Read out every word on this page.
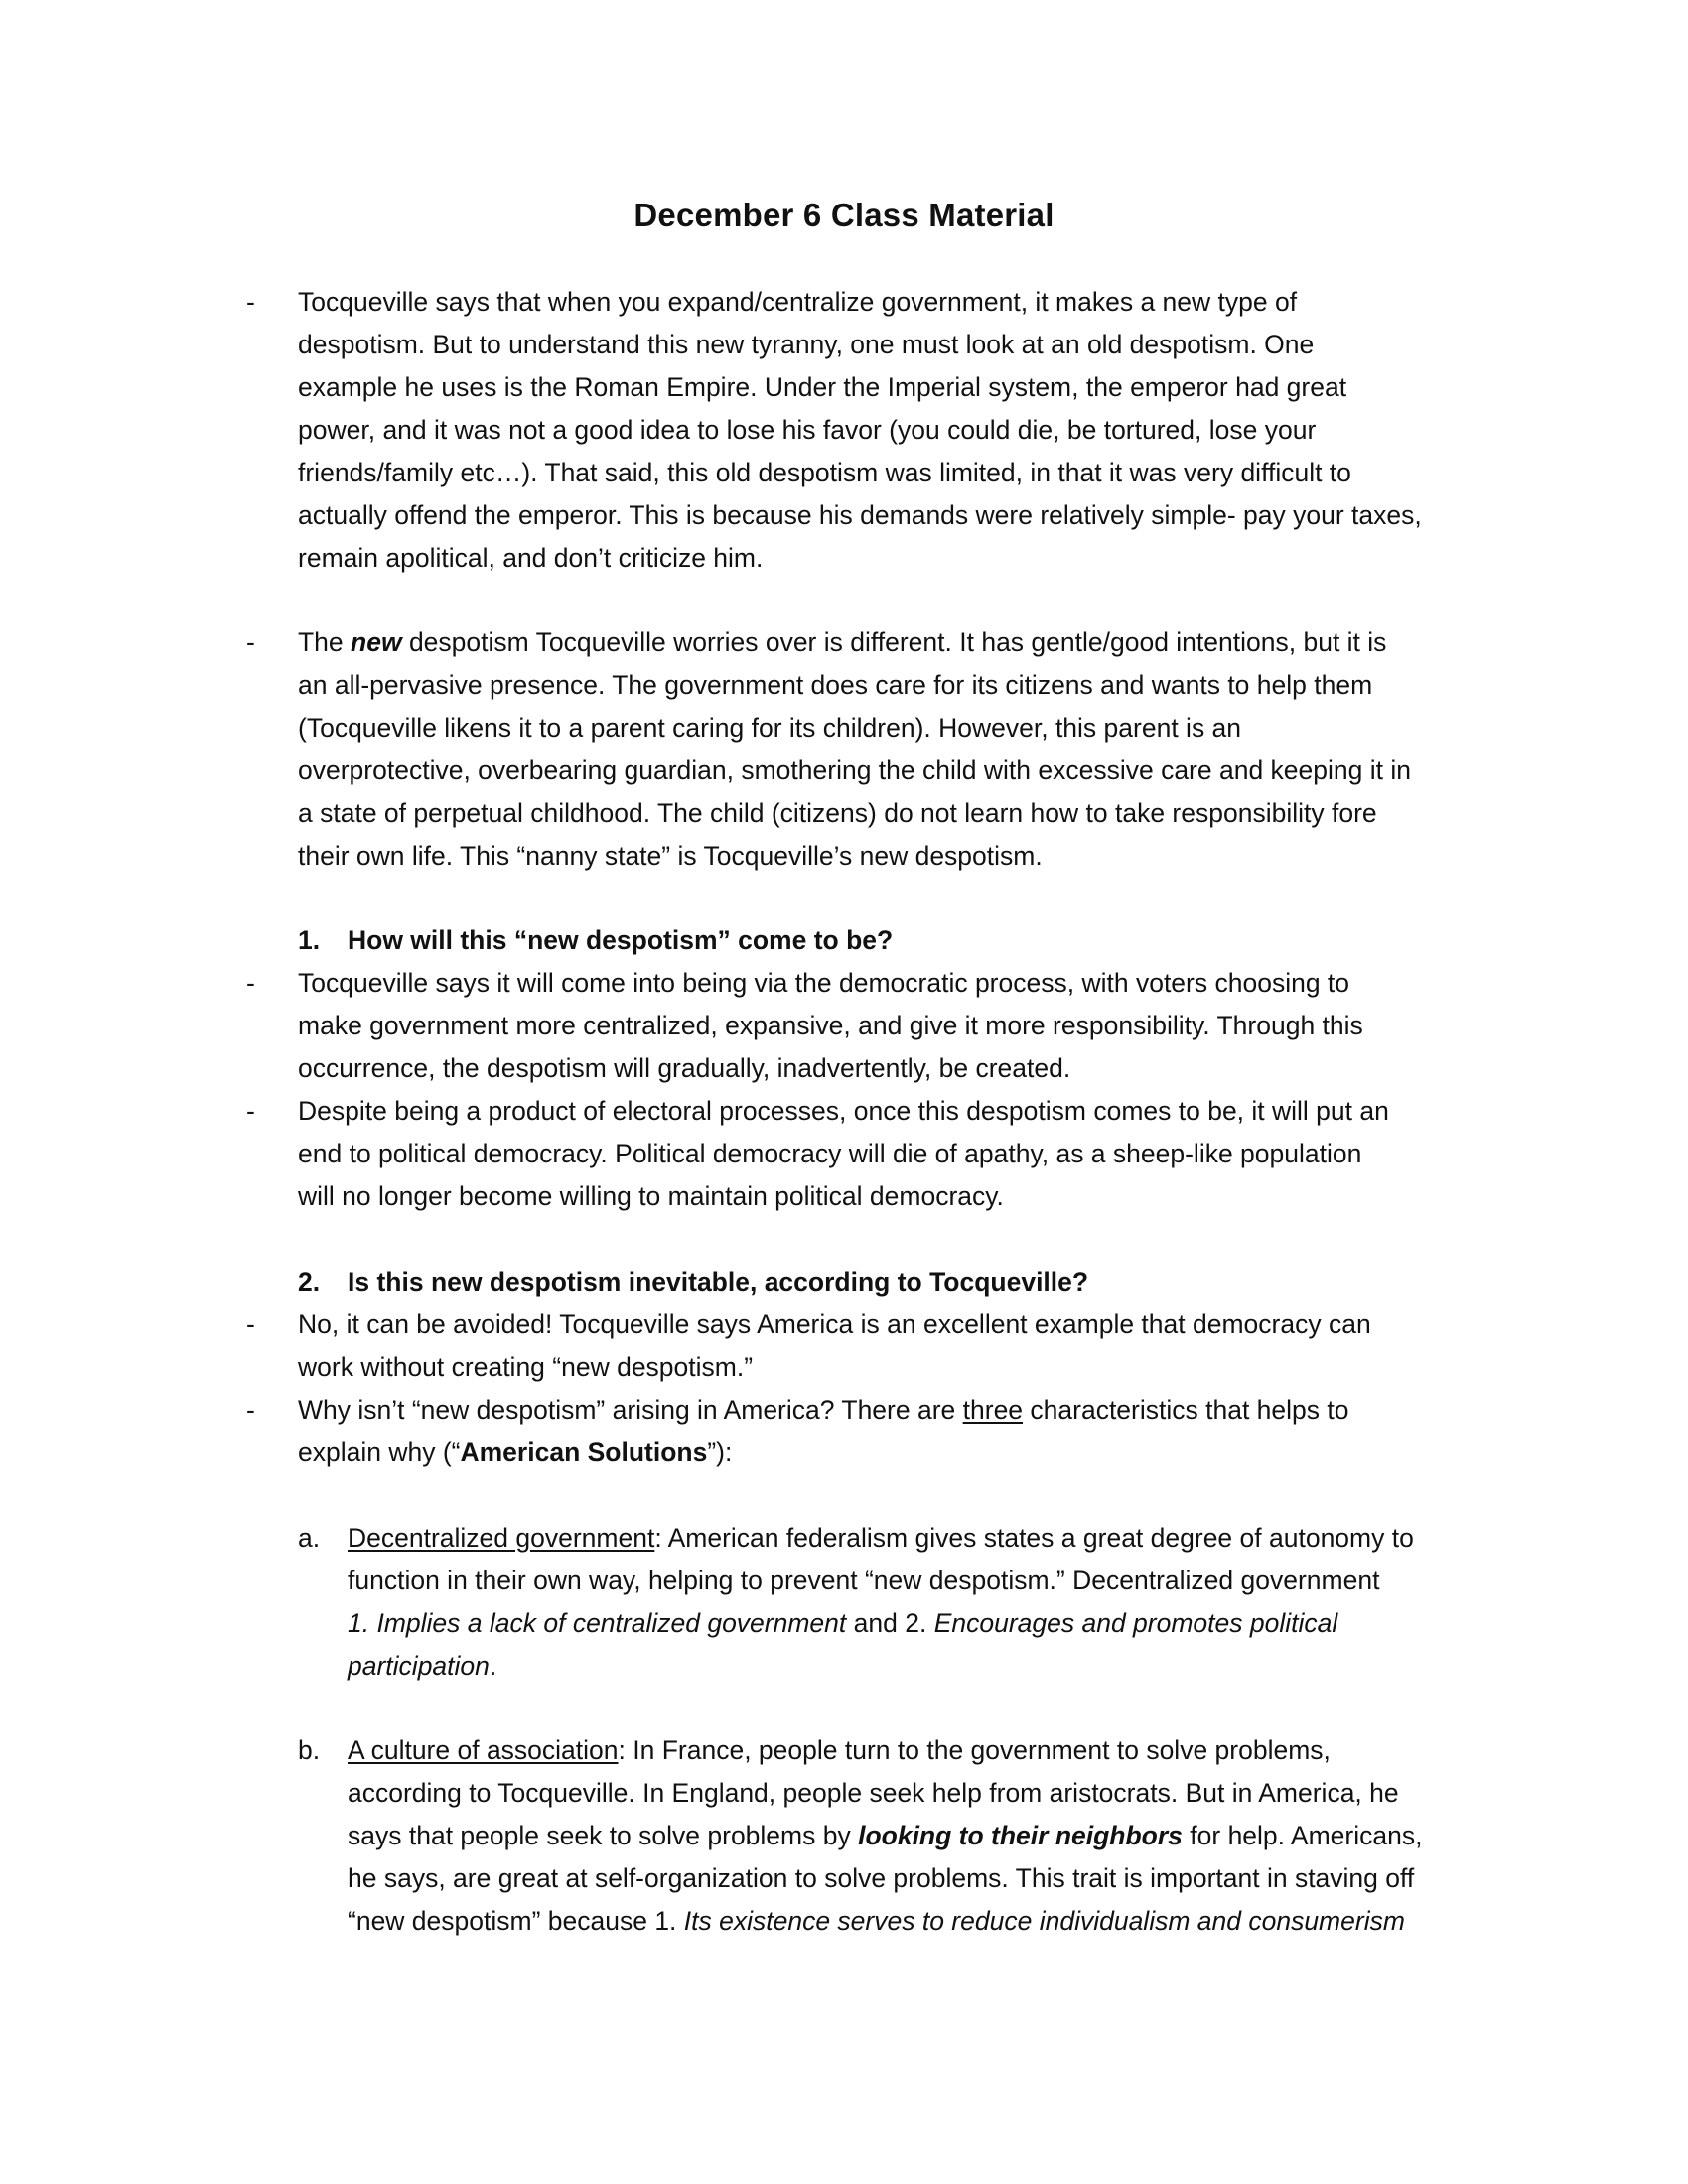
December 6 Class Material
-	Tocqueville says that when you expand/centralize government, it makes a new type of
despotism. But to understand this new tyranny, one must look at an old despotism. One
example he uses is the Roman Empire. Under the Imperial system, the emperor had great
power, and it was not a good idea to lose his favor (you could die, be tortured, lose your
friends/family etc…). That said, this old despotism was limited, in that it was very difficult to
actually offend the emperor. This is because his demands were relatively simple- pay your taxes,
remain apolitical, and don’t criticize him.
-	The new despotism Tocqueville worries over is different. It has gentle/good intentions, but it is
an all-pervasive presence. The government does care for its citizens and wants to help them
(Tocqueville likens it to a parent caring for its children). However, this parent is an
overprotective, overbearing guardian, smothering the child with excessive care and keeping it in
a state of perpetual childhood. The child (citizens) do not learn how to take responsibility fore
their own life. This “nanny state” is Tocqueville’s new despotism.
1. How will this “new despotism” come to be?
-	Tocqueville says it will come into being via the democratic process, with voters choosing to
make government more centralized, expansive, and give it more responsibility. Through this
occurrence, the despotism will gradually, inadvertently, be created.
-	Despite being a product of electoral processes, once this despotism comes to be, it will put an
end to political democracy. Political democracy will die of apathy, as a sheep-like population
will no longer become willing to maintain political democracy.
2. Is this new despotism inevitable, according to Tocqueville?
-	No, it can be avoided! Tocqueville says America is an excellent example that democracy can
work without creating “new despotism.”
-	Why isn’t “new despotism” arising in America? There are three characteristics that helps to
explain why (“American Solutions”):
a. Decentralized government: American federalism gives states a great degree of autonomy to
function in their own way, helping to prevent “new despotism.” Decentralized government
1. Implies a lack of centralized government and 2. Encourages and promotes political
participation.
b. A culture of association: In France, people turn to the government to solve problems,
according to Tocqueville. In England, people seek help from aristocrats. But in America, he
says that people seek to solve problems by looking to their neighbors for help. Americans,
he says, are great at self-organization to solve problems. This trait is important in staving off
“new despotism” because 1. Its existence serves to reduce individualism and consumerism
